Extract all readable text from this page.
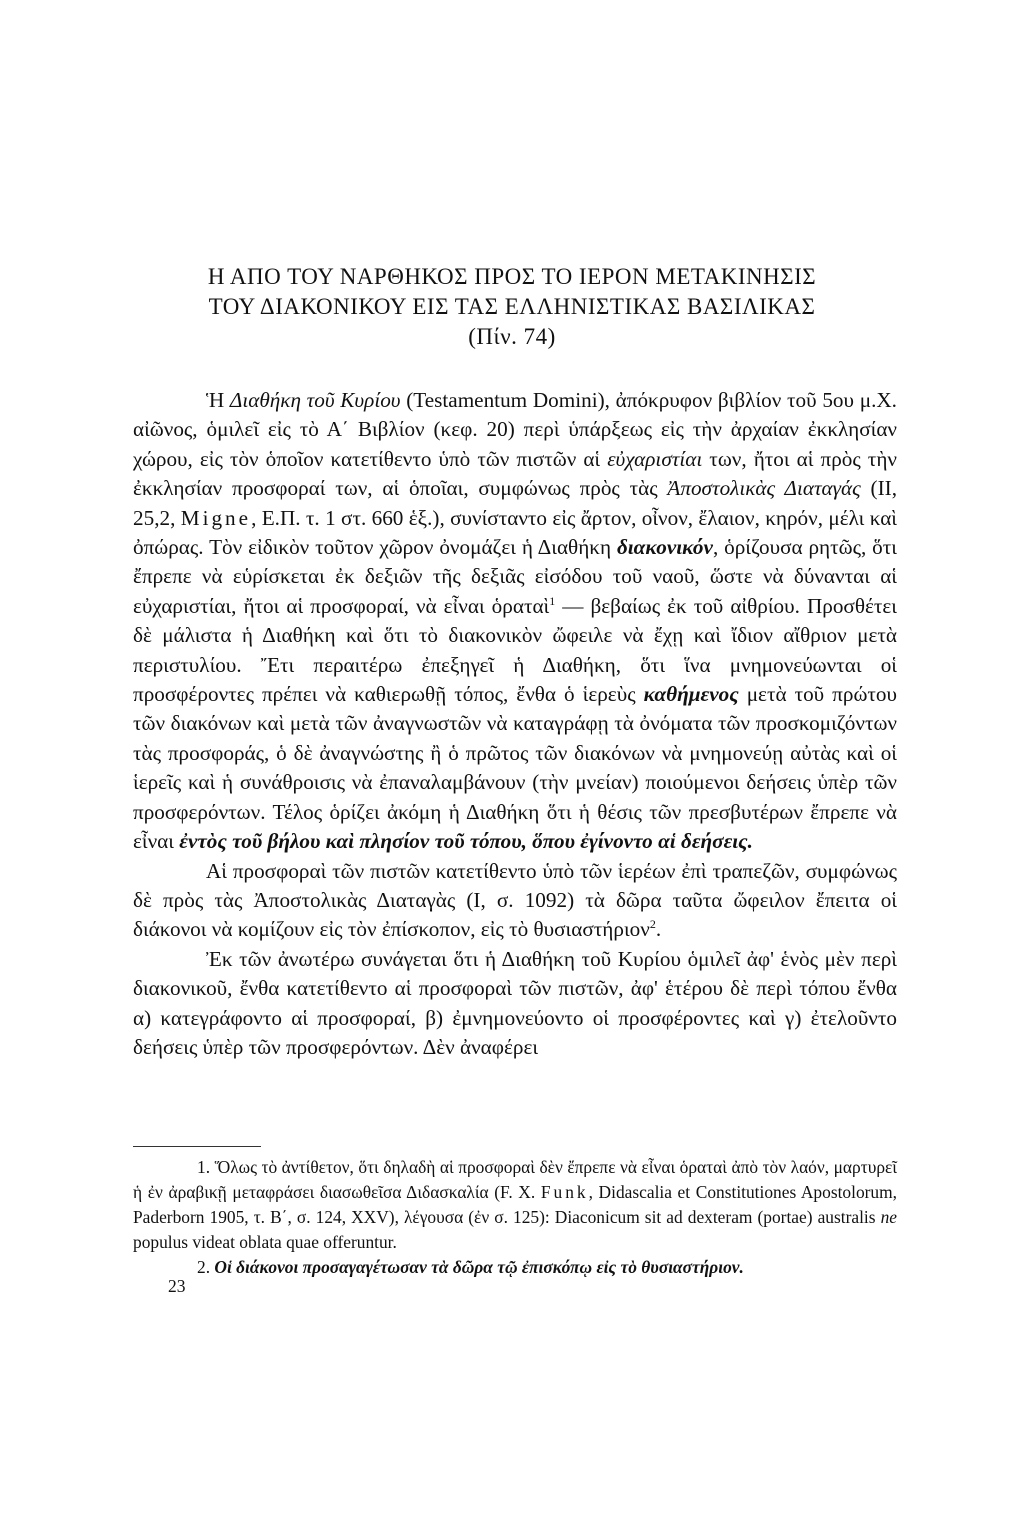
Η ΑΠΟ ΤΟΥ ΝΑΡΘΗΚΟΣ ΠΡΟΣ ΤΟ ΙΕΡΟΝ ΜΕΤΑΚΙΝΗΣΙΣ
ΤΟΥ ΔΙΑΚΟΝΙΚΟΥ ΕΙΣ ΤΑΣ ΕΛΛΗΝΙΣΤΙΚΑΣ ΒΑΣΙΛΙΚΑΣ
(Πίν. 74)

Ἡ Διαθήκη τοῦ Κυρίου (Testamentum Domini), ἀπόκρυφον βιβλίον τοῦ 5ου μ.Χ. αἰῶνος, ὁμιλεῖ εἰς τὸ Α΄ Βιβλίον (κεφ. 20) περὶ ὑπάρξεως εἰς τὴν ἀρχαίαν ἐκκλησίαν χώρου, εἰς τὸν ὁποῖον κατετίθεντο ὑπὸ τῶν πιστῶν αἱ εὐχαριστίαι των, ἤτοι αἱ πρὸς τὴν ἐκκλησίαν προσφοραί των, αἱ ὁποῖαι, συμφώνως πρὸς τὰς Ἀποστολικὰς Διαταγάς (II, 25,2, Migne, Ε.Π. τ. 1 στ. 660 ἑξ.), συνίσταντο εἰς ἄρτον, οἶνον, ἔλαιον, κηρόν, μέλι καὶ ὀπώρας. Τὸν εἰδικὸν τοῦτον χῶρον ὀνομάζει ἡ Διαθήκη διακονικόν, ὁρίζουσα ρητῶς, ὅτι ἔπρεπε νὰ εὑρίσκεται ἐκ δεξιῶν τῆς δεξιᾶς εἰσόδου τοῦ ναοῦ, ὥστε νὰ δύνανται αἱ εὐχαριστίαι, ἤτοι αἱ προσφοραί, νὰ εἶναι ὁραταὶ$^1$ — βεβαίως ἐκ τοῦ αἰθρίου. Προσθέτει δὲ μάλιστα ἡ Διαθήκη καὶ ὅτι τὸ διακονικὸν ὤφειλε νὰ ἔχῃ καὶ ἴδιον αἴθριον μετὰ περιστυλίου. Ἔτι περαιτέρω ἐπεξηγεῖ ἡ Διαθήκη, ὅτι ἵνα μνημονεύωνται οἱ προσφέροντες πρέπει νὰ καθιερωθῇ τόπος, ἔνθα ὁ ἱερεὺς καθήμενος μετὰ τοῦ πρώτου τῶν διακόνων καὶ μετὰ τῶν ἀναγνωστῶν νὰ καταγράφῃ τὰ ὀνόματα τῶν προσκομιζόντων τὰς προσφοράς, ὁ δὲ ἀναγνώστης ἢ ὁ πρῶτος τῶν διακόνων νὰ μνημονεύῃ αὐτὰς καὶ οἱ ἱερεῖς καὶ ἡ συνάθροισις νὰ ἐπαναλαμβάνουν (τὴν μνείαν) ποιούμενοι δεήσεις ὑπὲρ τῶν προσφερόντων. Τέλος ὁρίζει ἀκόμη ἡ Διαθήκη ὅτι ἡ θέσις τῶν πρεσβυτέρων ἔπρεπε νὰ εἶναι ἐντὸς τοῦ βήλου καὶ πλησίον τοῦ τόπου, ὅπου ἐγίνοντο αἱ δεήσεις.

Αἱ προσφοραὶ τῶν πιστῶν κατετίθεντο ὑπὸ τῶν ἱερέων ἐπὶ τραπεζῶν, συμφώνως δὲ πρὸς τὰς Ἀποστολικὰς Διαταγὰς (I, σ. 1092) τὰ δῶρα ταῦτα ὤφειλον ἔπειτα οἱ διάκονοι νὰ κομίζουν εἰς τὸν ἐπίσκοπον, εἰς τὸ θυσιαστήριον$^2$.

Ἐκ τῶν ἀνωτέρω συνάγεται ὅτι ἡ Διαθήκη τοῦ Κυρίου ὁμιλεῖ ἀφ' ἑνὸς μὲν περὶ διακονικοῦ, ἔνθα κατετίθεντο αἱ προσφοραὶ τῶν πιστῶν, ἀφ' ἑτέρου δὲ περὶ τόπου ἔνθα α) κατεγράφοντο αἱ προσφοραί, β) ἐμνημονεύοντο οἱ προσφέροντες καὶ γ) ἐτελοῦντο δεήσεις ὑπὲρ τῶν προσφερόντων. Δὲν ἀναφέρει

1. Ὅλως τὸ ἀντίθετον, ὅτι δηλαδὴ αἱ προσφοραὶ δὲν ἔπρεπε νὰ εἶναι ὁραταὶ ἀπὸ τὸν λαόν, μαρτυρεῖ ἡ ἐν ἀραβικῇ μεταφράσει διασωθεῖσα Διδασκαλία (F. X. Funk, Didascalia et Constitutiones Apostolorum, Paderborn 1905, τ. Β΄, σ. 124, XXV), λέγουσα (ἐν σ. 125): Diaconicum sit ad dexteram (portae) australis ne populus videat oblata quae offeruntur.

2. Οἱ διάκονοι προσαγαγέτωσαν τὰ δῶρα τῷ ἐπισκόπῳ εἰς τὸ θυσιαστήριον.

23
